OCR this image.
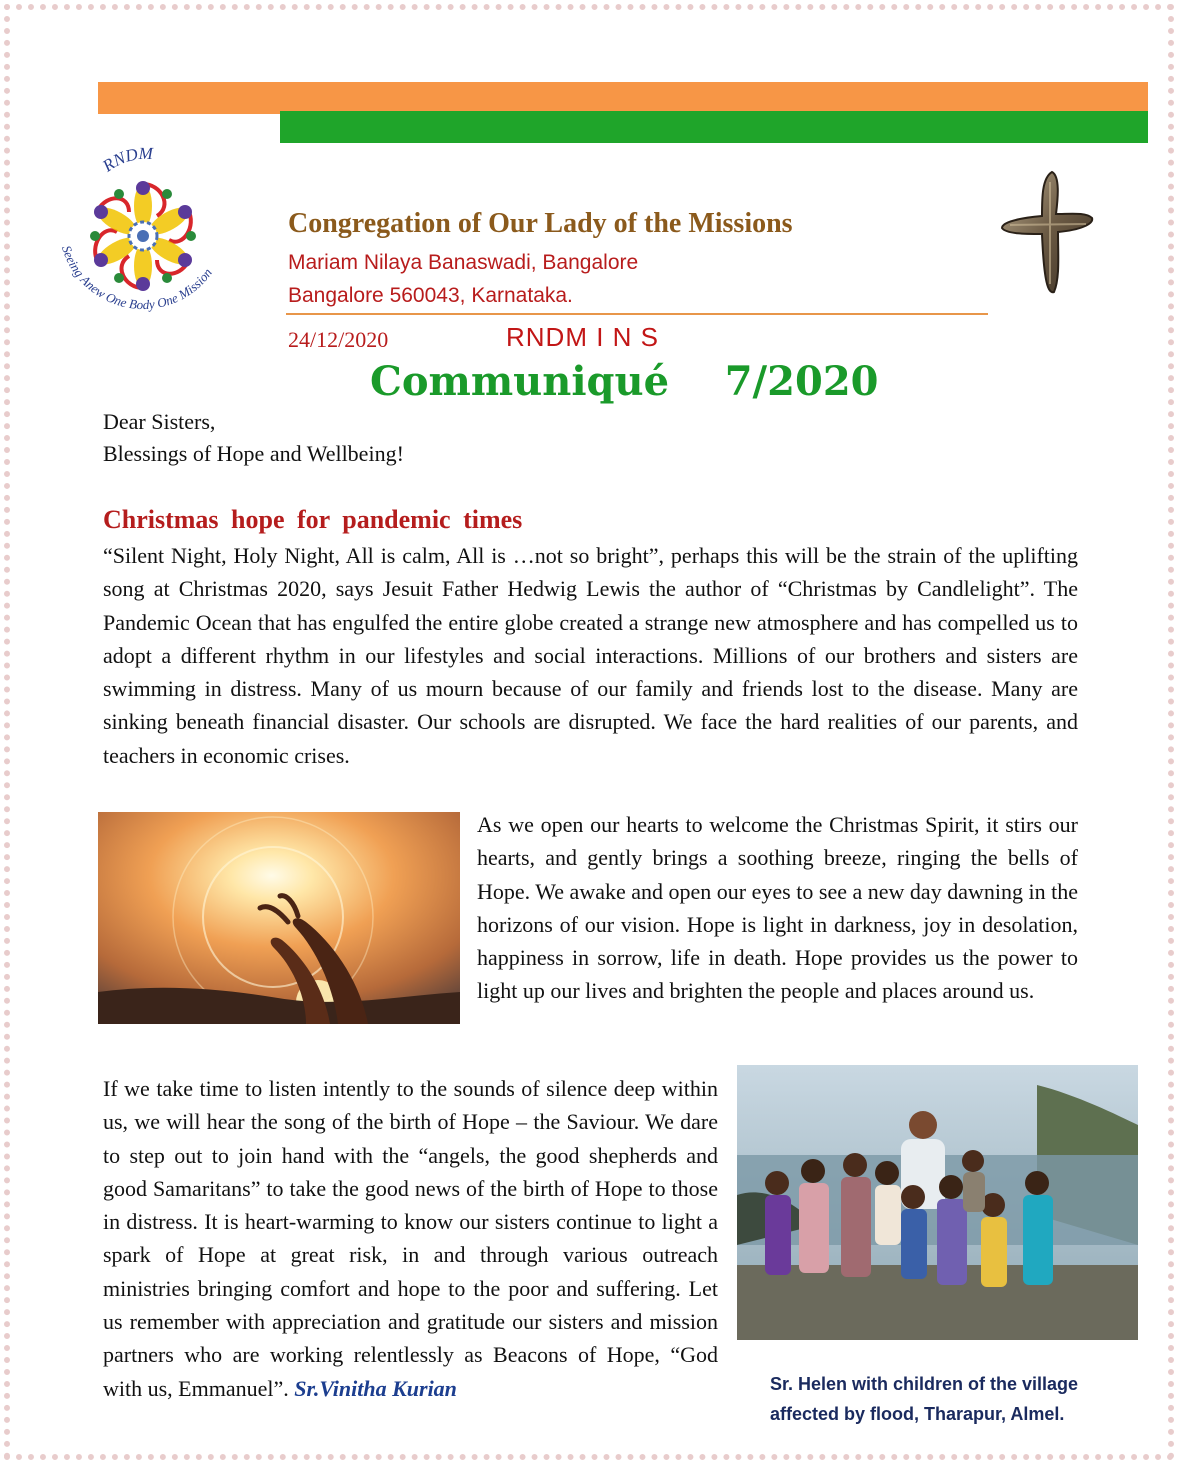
RNDM
Seeing Anew One Body One Mission
Congregation of Our Lady of the Missions
Mariam Nilaya Banaswadi, Bangalore
Bangalore 560043, Karnataka.
24/12/2020	RNDM I N S
Communiqué    7/2020
Dear Sisters,
Blessings of Hope and Wellbeing!
Christmas hope for pandemic times

“Silent Night, Holy Night, All is calm, All is …not so bright”, perhaps this will be the strain of the uplifting song at Christmas 2020, says Jesuit Father Hedwig Lewis the author of “Christmas by Candlelight”. The Pandemic Ocean that has engulfed the entire globe created a strange new atmosphere and has compelled us to adopt a different rhythm in our lifestyles and social interactions. Millions of our brothers and sisters are swimming in distress. Many of us mourn because of our family and friends lost to the disease. Many are sinking beneath financial disaster. Our schools are disrupted. We face the hard realities of our parents, and teachers in economic crises.

As we open our hearts to welcome the Christmas Spirit, it stirs our hearts, and gently brings a soothing breeze, ringing the bells of Hope. We awake and open our eyes to see a new day dawning in the horizons of our vision. Hope is light in darkness, joy in desolation, happiness in sorrow, life in death. Hope provides us the power to light up our lives and brighten the people and places around us.

If we take time to listen intently to the sounds of silence deep within us, we will hear the song of the birth of Hope – the Saviour. We dare to step out to join hand with the “angels, the good shepherds and good Samaritans” to take the good news of the birth of Hope to those in distress. It is heart-warming to know our sisters continue to light a spark of Hope at great risk, in and through various outreach ministries bringing comfort and hope to the poor and suffering. Let us remember with appreciation and gratitude our sisters and mission partners who are working relentlessly as Beacons of Hope, “God with us, Emmanuel”. Sr.Vinitha Kurian	Sr. Helen with children of the village
affected by flood, Tharapur, Almel.
